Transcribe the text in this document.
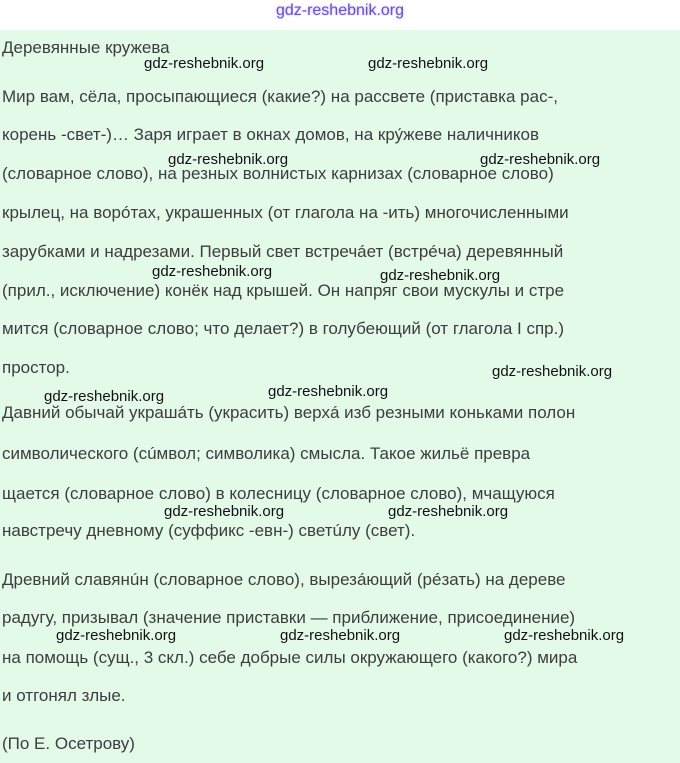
gdz-reshebnik.org
Деревянные кружева
Мир вам, сёла, просыпающиеся (какие?) на рассвете (приставка рас-,
корень -свет-)… Заря играет в окнах домов, на кру́жеве наличников
(словарное слово), на резных волнистых карнизах (словарное слово)
крылец, на ворóтах, украшенных (от глагола на -ить) многочисленными
зарубками и надрезами. Первый свет встречáет (встрéча) деревянный
(прил., исключение) конёк над крышей. Он напряг свои мускулы и стре
мится (словарное слово; что делает?) в голубеющий (от глагола I спр.)
простор.
Давний обычай украшáть (украсить) верхá изб резными коньками полон
символического (сúмвол; символика) смысла. Такое жильё превра
щается (словарное слово) в колесницу (словарное слово), мчащуюся
навстречу дневному (суффикс -евн-) светúлу (свет).
Древний славянúн (словарное слово), вырезáющий (рéзать) на дереве
радугу, призывал (значение приставки — приближение, присоединение)
на помощь (сущ., 3 скл.) себе добрые силы окружающего (какого?) мира
и отгонял злые.
(По Е. Осетрову)
gdz-reshebnik.org	gdz-reshebnik.org
gdz-reshebnik.org	gdz-reshebnik.org
gdz-reshebnik.org	gdz-reshebnik.org
gdz-reshebnik.org
gdz-reshebnik.org	gdz-reshebnik.org
gdz-reshebnik.org	gdz-reshebnik.org
gdz-reshebnik.org	gdz-reshebnik.org	gdz-reshebnik.org
